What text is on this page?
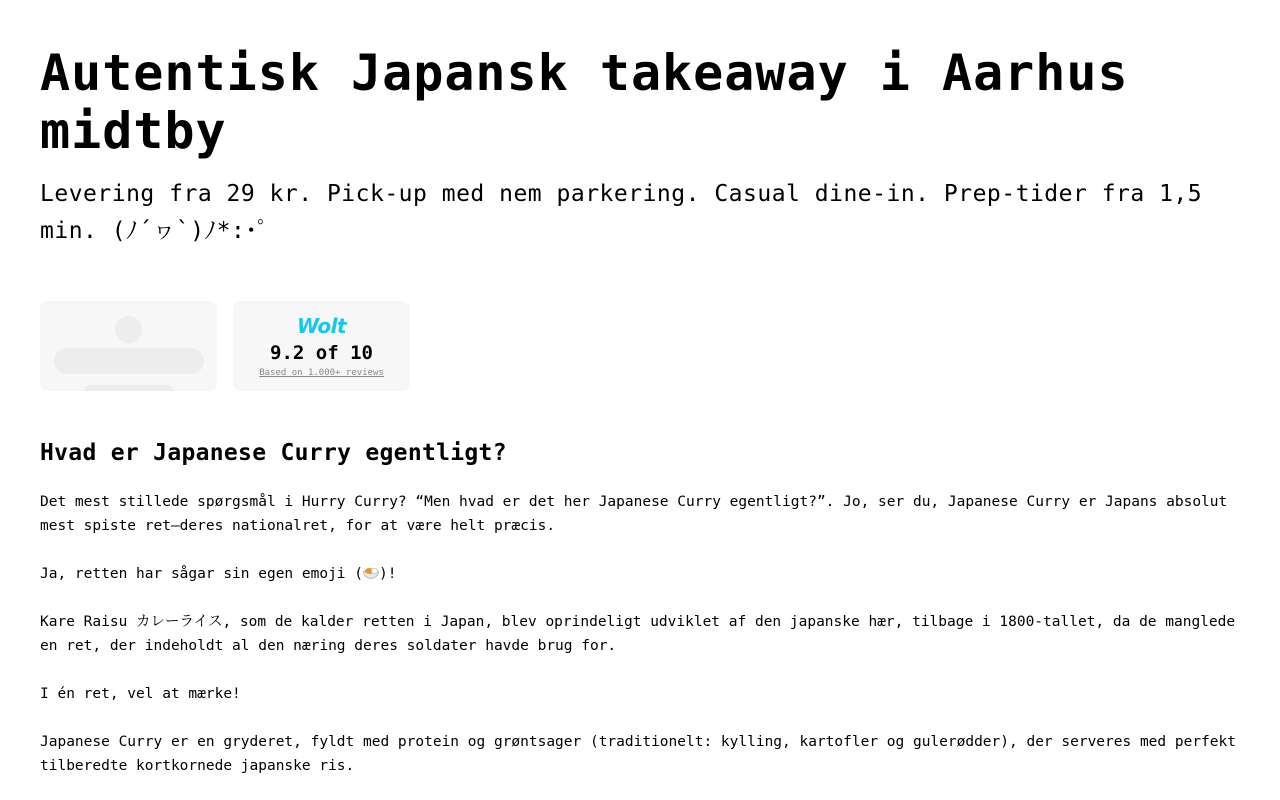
Autentisk Japansk takeaway i Aarhus midtby

Levering fra 29 kr. Pick-up med nem parkering. Casual dine-in. Prep-tider fra 1,5 min. (ﾉ´ヮ`)ﾉ*:･ﾟ

Wolt
9.2 of 10
Based on 1.000+ reviews
Hvad er Japanese Curry egentligt?

Det mest stillede spørgsmål i Hurry Curry? “Men hvad er det her Japanese Curry egentligt?”. Jo, ser du, Japanese Curry er Japans absolut mest spiste ret–deres nationalret, for at være helt præcis.

Ja, retten har sågar sin egen emoji ( )!

Kare Raisu カレーライス, som de kalder retten i Japan, blev oprindeligt udviklet af den japanske hær, tilbage i 1800-tallet, da de manglede en ret, der indeholdt al den næring deres soldater havde brug for.

I én ret, vel at mærke!

Japanese Curry er en gryderet, fyldt med protein og grøntsager (traditionelt: kylling, kartofler og gulerødder), der serveres med perfekt tilberedte kortkornede japanske ris.
